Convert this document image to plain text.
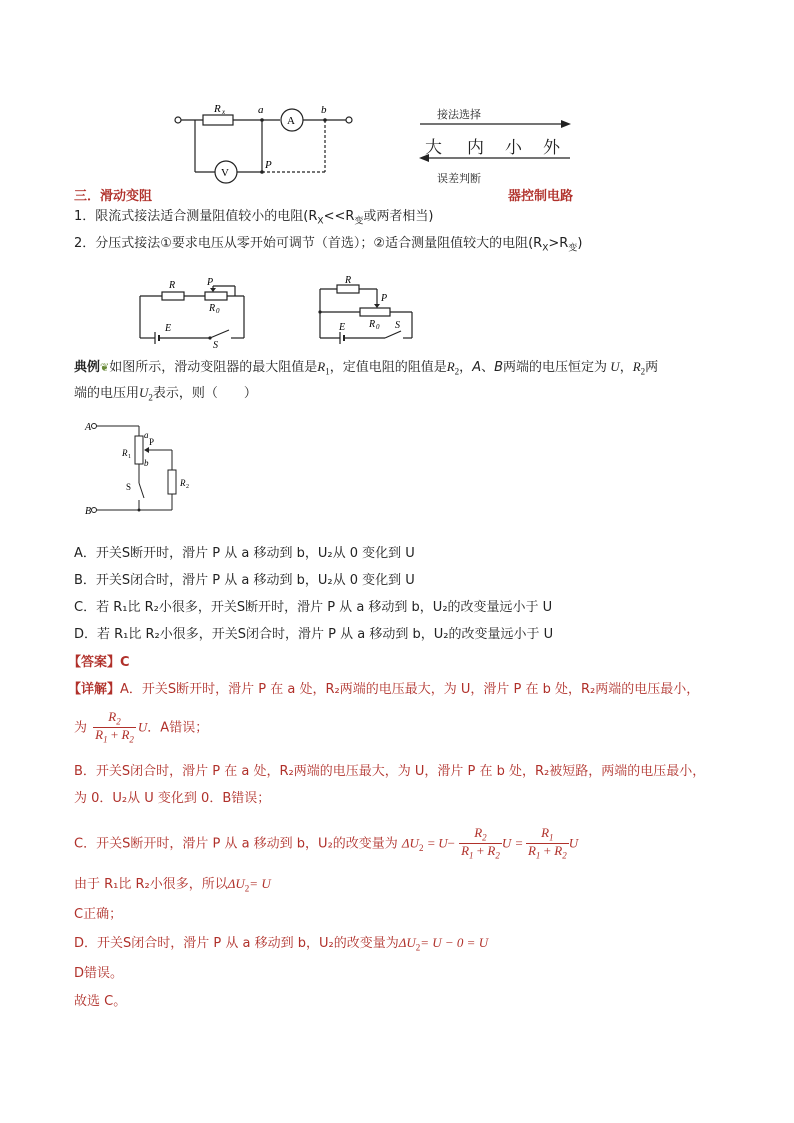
R x	a	b
A
V
P
接法选择
大 内 小 外
误差判断
三．滑动变阻	器控制电路
1．限流式接法适合测量阻值较小的电阻($R_X<<R_变$或两者相当)
2．分压式接法①要求电压从零开始可调节（首选）；②适合测量阻值较大的电阻$(R_X>R_变)$
R	P
R 0
E
S
R
P
R 0
E	S
典例❦如图所示，滑动变阻器的最大阻值是$R_1$，定值电阻的阻值是$R_2$，A、B两端的电压恒定为 U，$R_2$两
端的电压用$U_2$表示，则（　　）
A
B
a
b
P
R 1
R 2
S
A．开关S断开时，滑片 P 从 a 移动到 b，U₂从 0 变化到 U
B．开关S闭合时，滑片 P 从 a 移动到 b，U₂从 0 变化到 U
C．若 R₁比 R₂小很多，开关S断开时，滑片 P 从 a 移动到 b，U₂的改变量远小于 U
D．若 R₁比 R₂小很多，开关S闭合时，滑片 P 从 a 移动到 b，U₂的改变量远小于 U
【答案】C
【详解】A．开关S断开时，滑片 P 在 a 处，R₂两端的电压最大，为 U，滑片 P 在 b 处，R₂两端的电压最小，
为 $\frac{R_2}{R_1 + R_2}$ U．A错误；
B．开关S闭合时，滑片 P 在 a 处，R₂两端的电压最大，为 U，滑片 P 在 b 处，R₂被短路，两端的电压最小，
为 0．U₂从 U 变化到 0．B错误；
C．开关S断开时，滑片 P 从 a 移动到 b，U₂的改变量为 $\Delta U_2 = U- \frac{R_2}{R_1 + R_2}$ $U = \frac{R_1}{R_1 + R_2}$ U
由于 R₁比 R₂小很多，所以$\Delta U_2= U$
C正确；
D．开关S闭合时，滑片 P 从 a 移动到 b，U₂的改变量为$\Delta U_2= U - 0 = U$
D错误。
故选 C。
